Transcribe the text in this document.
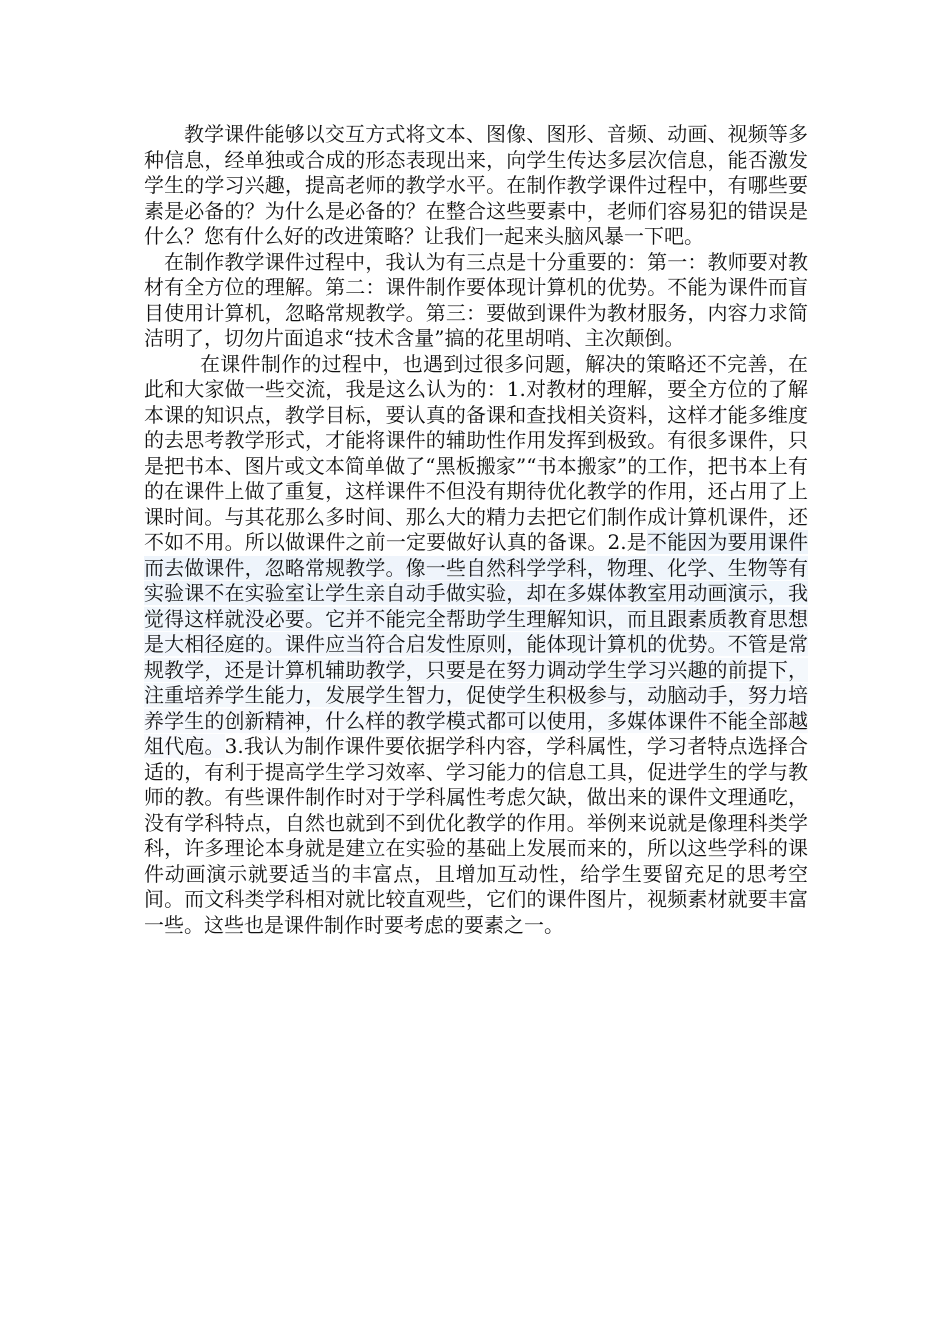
教学课件能够以交互方式将文本、图像、图形、音频、动画、视频等多种信息，经单独或合成的形态表现出来，向学生传达多层次信息，能否激发学生的学习兴趣，提高老师的教学水平。在制作教学课件过程中，有哪些要素是必备的？为什么是必备的？在整合这些要素中，老师们容易犯的错误是什么？您有什么好的改进策略？让我们一起来头脑风暴一下吧。

在制作教学课件过程中，我认为有三点是十分重要的：第一：教师要对教材有全方位的理解。第二：课件制作要体现计算机的优势。不能为课件而盲目使用计算机，忽略常规教学。第三：要做到课件为教材服务，内容力求简洁明了，切勿片面追求“技术含量”搞的花里胡哨、主次颠倒。

在课件制作的过程中，也遇到过很多问题，解决的策略还不完善，在此和大家做一些交流，我是这么认为的：1.对教材的理解，要全方位的了解本课的知识点，教学目标，要认真的备课和查找相关资料，这样才能多维度的去思考教学形式，才能将课件的辅助性作用发挥到极致。有很多课件，只是把书本、图片或文本简单做了“黑板搬家”“书本搬家”的工作，把书本上有的在课件上做了重复，这样课件不但没有期待优化教学的作用，还占用了上课时间。与其花那么多时间、那么大的精力去把它们制作成计算机课件，还不如不用。所以做课件之前一定要做好认真的备课。2.是不能因为要用课件而去做课件，忽略常规教学。像一些自然科学学科，物理、化学、生物等有实验课不在实验室让学生亲自动手做实验，却在多媒体教室用动画演示，我觉得这样就没必要。它并不能完全帮助学生理解知识，而且跟素质教育思想是大相径庭的。课件应当符合启发性原则，能体现计算机的优势。不管是常规教学，还是计算机辅助教学，只要是在努力调动学生学习兴趣的前提下，注重培养学生能力，发展学生智力，促使学生积极参与，动脑动手，努力培养学生的创新精神，什么样的教学模式都可以使用，多媒体课件不能全部越俎代庖。3.我认为制作课件要依据学科内容，学科属性，学习者特点选择合适的，有利于提高学生学习效率、学习能力的信息工具，促进学生的学与教师的教。有些课件制作时对于学科属性考虑欠缺，做出来的课件文理通吃，没有学科特点，自然也就到不到优化教学的作用。举例来说就是像理科类学科，许多理论本身就是建立在实验的基础上发展而来的，所以这些学科的课件动画演示就要适当的丰富点，且增加互动性，给学生要留充足的思考空间。而文科类学科相对就比较直观些，它们的课件图片，视频素材就要丰富一些。这些也是课件制作时要考虑的要素之一。
